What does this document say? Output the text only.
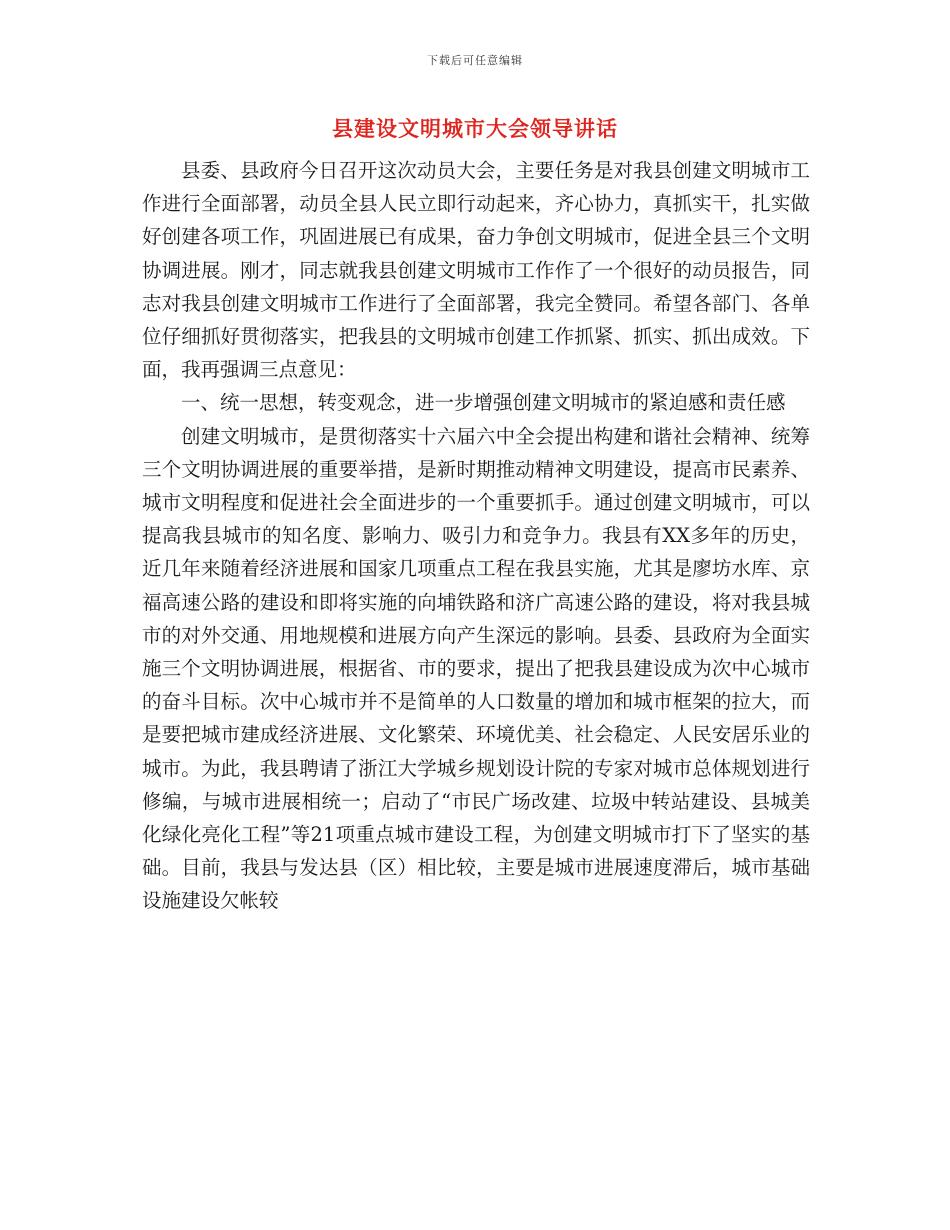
下载后可任意编辑
县建设文明城市大会领导讲话

县委、县政府今日召开这次动员大会，主要任务是对我县创建文明城市工作进行全面部署，动员全县人民立即行动起来，齐心协力，真抓实干，扎实做好创建各项工作，巩固进展已有成果，奋力争创文明城市，促进全县三个文明协调进展。刚才，同志就我县创建文明城市工作作了一个很好的动员报告，同志对我县创建文明城市工作进行了全面部署，我完全赞同。希望各部门、各单位仔细抓好贯彻落实，把我县的文明城市创建工作抓紧、抓实、抓出成效。下面，我再强调三点意见：

一、统一思想，转变观念，进一步增强创建文明城市的紧迫感和责任感

创建文明城市，是贯彻落实十六届六中全会提出构建和谐社会精神、统筹三个文明协调进展的重要举措，是新时期推动精神文明建设，提高市民素养、城市文明程度和促进社会全面进步的一个重要抓手。通过创建文明城市，可以提高我县城市的知名度、影响力、吸引力和竞争力。我县有XX多年的历史，近几年来随着经济进展和国家几项重点工程在我县实施，尤其是廖坊水库、京福高速公路的建设和即将实施的向埔铁路和济广高速公路的建设，将对我县城市的对外交通、用地规模和进展方向产生深远的影响。县委、县政府为全面实施三个文明协调进展，根据省、市的要求，提出了把我县建设成为次中心城市的奋斗目标。次中心城市并不是简单的人口数量的增加和城市框架的拉大，而是要把城市建成经济进展、文化繁荣、环境优美、社会稳定、人民安居乐业的城市。为此，我县聘请了浙江大学城乡规划设计院的专家对城市总体规划进行修编，与城市进展相统一；启动了“市民广场改建、垃圾中转站建设、县城美化绿化亮化工程”等21项重点城市建设工程，为创建文明城市打下了坚实的基础。目前，我县与发达县（区）相比较，主要是城市进展速度滞后，城市基础设施建设欠帐较
